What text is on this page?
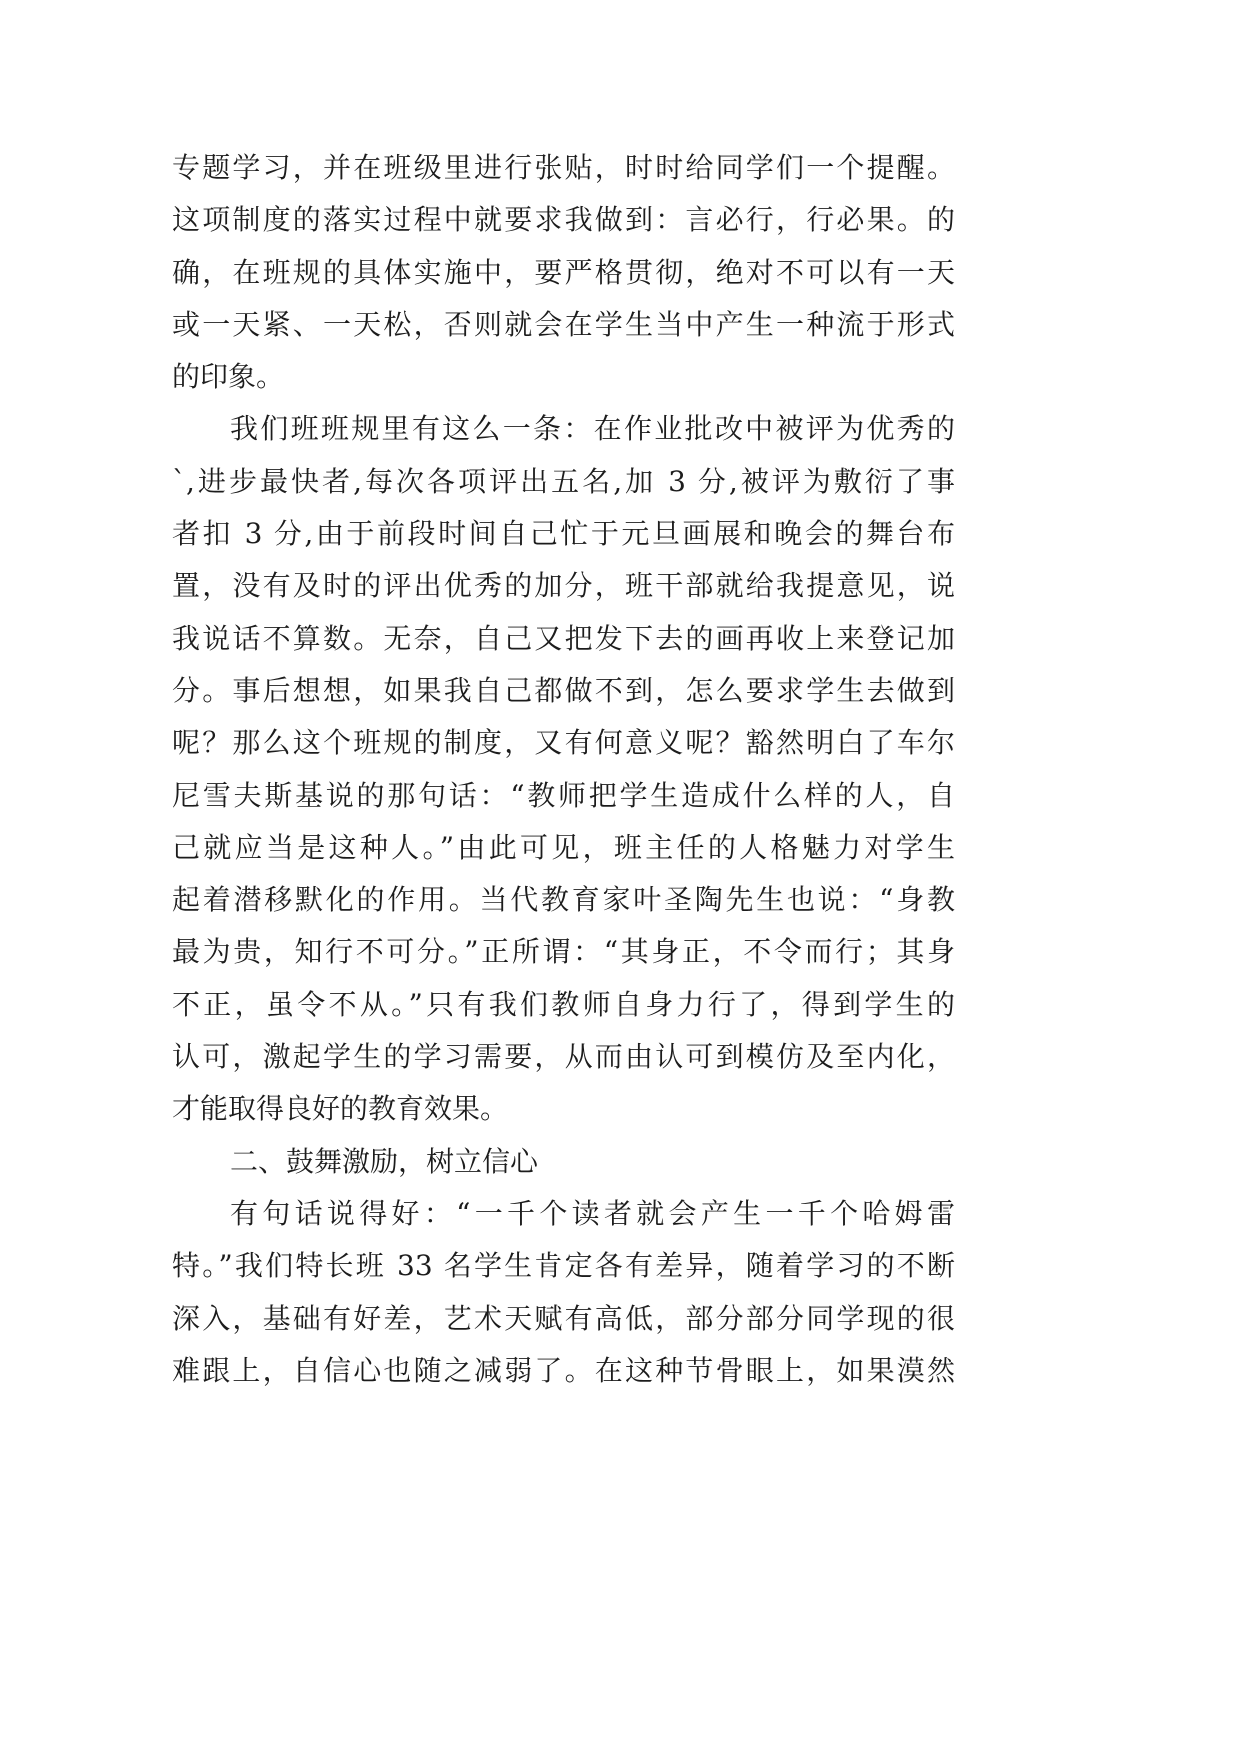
专题学习，并在班级里进行张贴，时时给同学们一个提醒。
这项制度的落实过程中就要求我做到：言必行，行必果。的
确，在班规的具体实施中，要严格贯彻，绝对不可以有一天
或一天紧、一天松，否则就会在学生当中产生一种流于形式
的印象。
我们班班规里有这么一条：在作业批改中被评为优秀的
`,进步最快者,每次各项评出五名,加 3 分,被评为敷衍了事
者扣 3 分,由于前段时间自己忙于元旦画展和晚会的舞台布
置，没有及时的评出优秀的加分，班干部就给我提意见，说
我说话不算数。无奈，自己又把发下去的画再收上来登记加
分。事后想想，如果我自己都做不到，怎么要求学生去做到
呢？那么这个班规的制度，又有何意义呢？豁然明白了车尔
尼雪夫斯基说的那句话：“教师把学生造成什么样的人，自
己就应当是这种人。”由此可见，班主任的人格魅力对学生
起着潜移默化的作用。当代教育家叶圣陶先生也说：“身教
最为贵，知行不可分。”正所谓：“其身正，不令而行；其身
不正，虽令不从。”只有我们教师自身力行了，得到学生的
认可，激起学生的学习需要，从而由认可到模仿及至内化，
才能取得良好的教育效果。
二、鼓舞激励，树立信心
有句话说得好：“一千个读者就会产生一千个哈姆雷
特。”我们特长班 33 名学生肯定各有差异，随着学习的不断
深入，基础有好差，艺术天赋有高低，部分部分同学现的很
难跟上，自信心也随之减弱了。在这种节骨眼上，如果漠然
